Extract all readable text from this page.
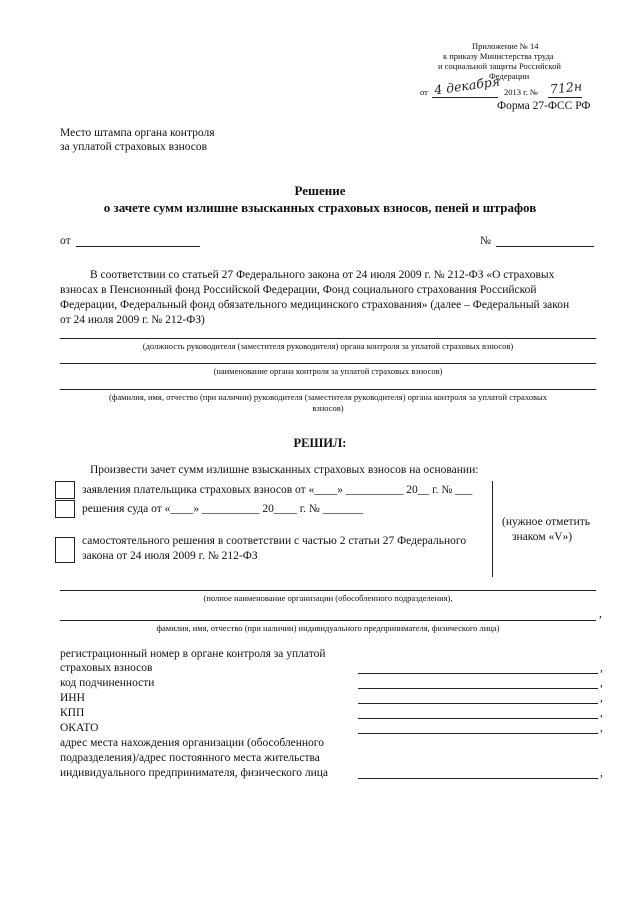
Приложение № 14
к приказу Министерства труда
и социальной защиты Российской
Федерации
от 4 декабря 2013 г. № 712н
Форма 27-ФСС РФ
Место штампа органа контроля
за уплатой страховых взносов
Решение
о зачете сумм излишне взысканных страховых взносов, пеней и штрафов
от	№
В соответствии со статьей 27 Федерального закона от 24 июля 2009 г. № 212-ФЗ «О страховых
взносах в Пенсионный фонд Российской Федерации, Фонд социального страхования Российской
Федерации, Федеральный фонд обязательного медицинского страхования» (далее – Федеральный закон
от 24 июля 2009 г. № 212-ФЗ)
(должность руководителя (заместителя руководителя) органа контроля за уплатой страховых взносов)
(наименование органа контроля за уплатой страховых взносов)
(фамилия, имя, отчество (при наличии) руководителя (заместителя руководителя) органа контроля за уплатой страховых
взносов)
РЕШИЛ:
Произвести зачет сумм излишне взысканных страховых взносов на основании:
заявления плательщика страховых взносов от «____» __________ 20__ г. № ___
решения суда от «____» __________ 20____ г. № _______
самостоятельного решения в соответствии с частью 2 статьи 27 Федерального
закона от 24 июля 2009 г. № 212-ФЗ
(нужное отметить
знаком «V»)
(полное наименование организации (обособленного подразделения),
,
фамилия, имя, отчество (при наличии) индивидуального предпринимателя, физического лица)
регистрационный номер в органе контроля за уплатой
страховых взносов	,
код подчиненности	,
ИНН	,
КПП	,
ОКАТО	,
адрес места нахождения организации (обособленного
подразделения)/адрес постоянного места жительства
индивидуального предпринимателя, физического лица	,
